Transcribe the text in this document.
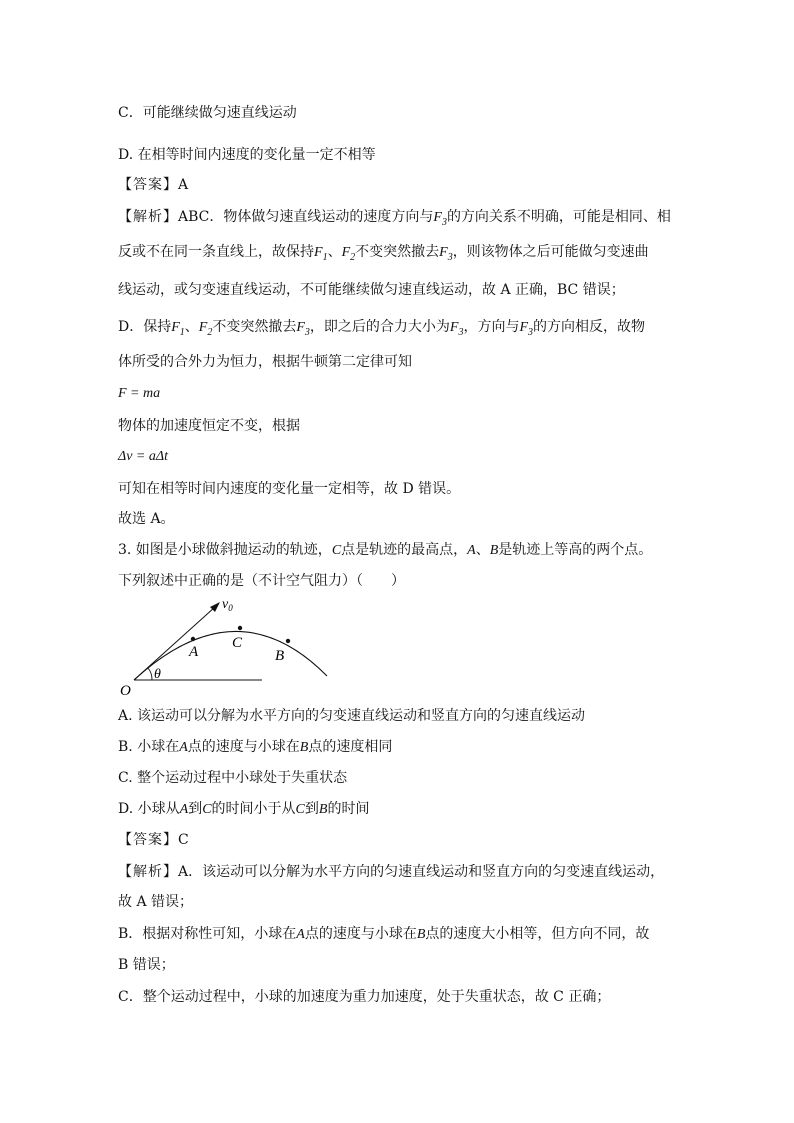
C．可能继续做匀速直线运动
D. 在相等时间内速度的变化量一定不相等
【答案】A
【解析】ABC．物体做匀速直线运动的速度方向与$F_3$的方向关系不明确，可能是相同、相
反或不在同一条直线上，故保持$F_1$、$F_2$不变突然撤去$F_3$，则该物体之后可能做匀变速曲
线运动，或匀变速直线运动，不可能继续做匀速直线运动，故 A 正确，BC 错误；
D．保持$F_1$、$F_2$不变突然撤去$F_3$，即之后的合力大小为$F_3$，方向与$F_3$的方向相反，故物
体所受的合外力为恒力，根据牛顿第二定律可知
F = ma
物体的加速度恒定不变，根据
Δv = aΔt
可知在相等时间内速度的变化量一定相等，故 D 错误。
故选 A。
3. 如图是小球做斜抛运动的轨迹，C点是轨迹的最高点，A、B是轨迹上等高的两个点。
下列叙述中正确的是（不计空气阻力）（　　）
$v_0$
A
C
B
O
θ
A. 该运动可以分解为水平方向的匀变速直线运动和竖直方向的匀速直线运动
B. 小球在A点的速度与小球在B点的速度相同
C. 整个运动过程中小球处于失重状态
D. 小球从A到C的时间小于从C到B的时间
【答案】C
【解析】A．该运动可以分解为水平方向的匀速直线运动和竖直方向的匀变速直线运动，
故 A 错误；
B．根据对称性可知，小球在A点的速度与小球在B点的速度大小相等，但方向不同，故
B 错误；
C．整个运动过程中，小球的加速度为重力加速度，处于失重状态，故 C 正确；
